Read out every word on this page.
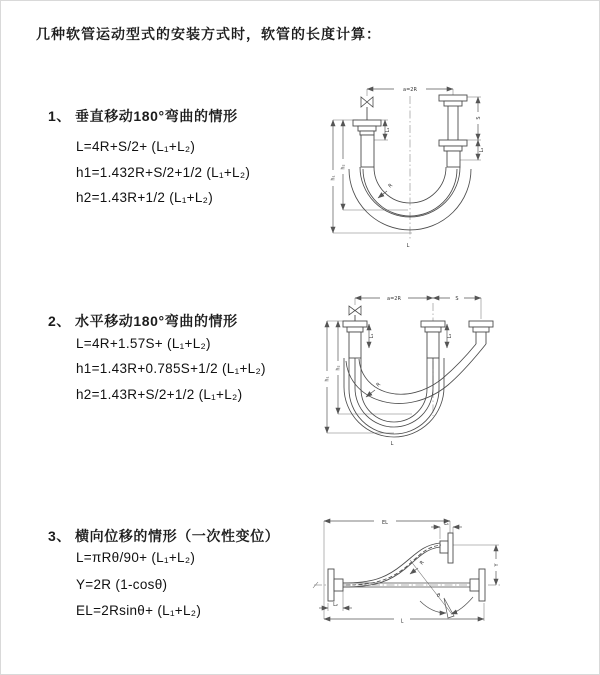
几种软管运动型式的安装方式时，软管的长度计算：
1、 垂直移动180°弯曲的情形
L=4R+S/2+ (L₁+L₂)
h1=1.432R+S/2+1/2 (L₁+L₂)
h2=1.43R+1/2 (L₁+L₂)
a=2R
h₁
h₂
S
L₂
L₁
R
L
2、 水平移动180°弯曲的情形
L=4R+1.57S+ (L₁+L₂)
h1=1.43R+0.785S+1/2 (L₁+L₂)
h2=1.43R+S/2+1/2 (L₁+L₂)
a=2R	S
h₁
h₂
L₁	L₂
R
L
3、 横向位移的情形（一次性变位）
L=πRθ/90+ (L₁+L₂)
Y=2R (1-cosθ)
EL=2Rsinθ+ (L₁+L₂)
EL	L₁
Y
R
θ
L₂
L
